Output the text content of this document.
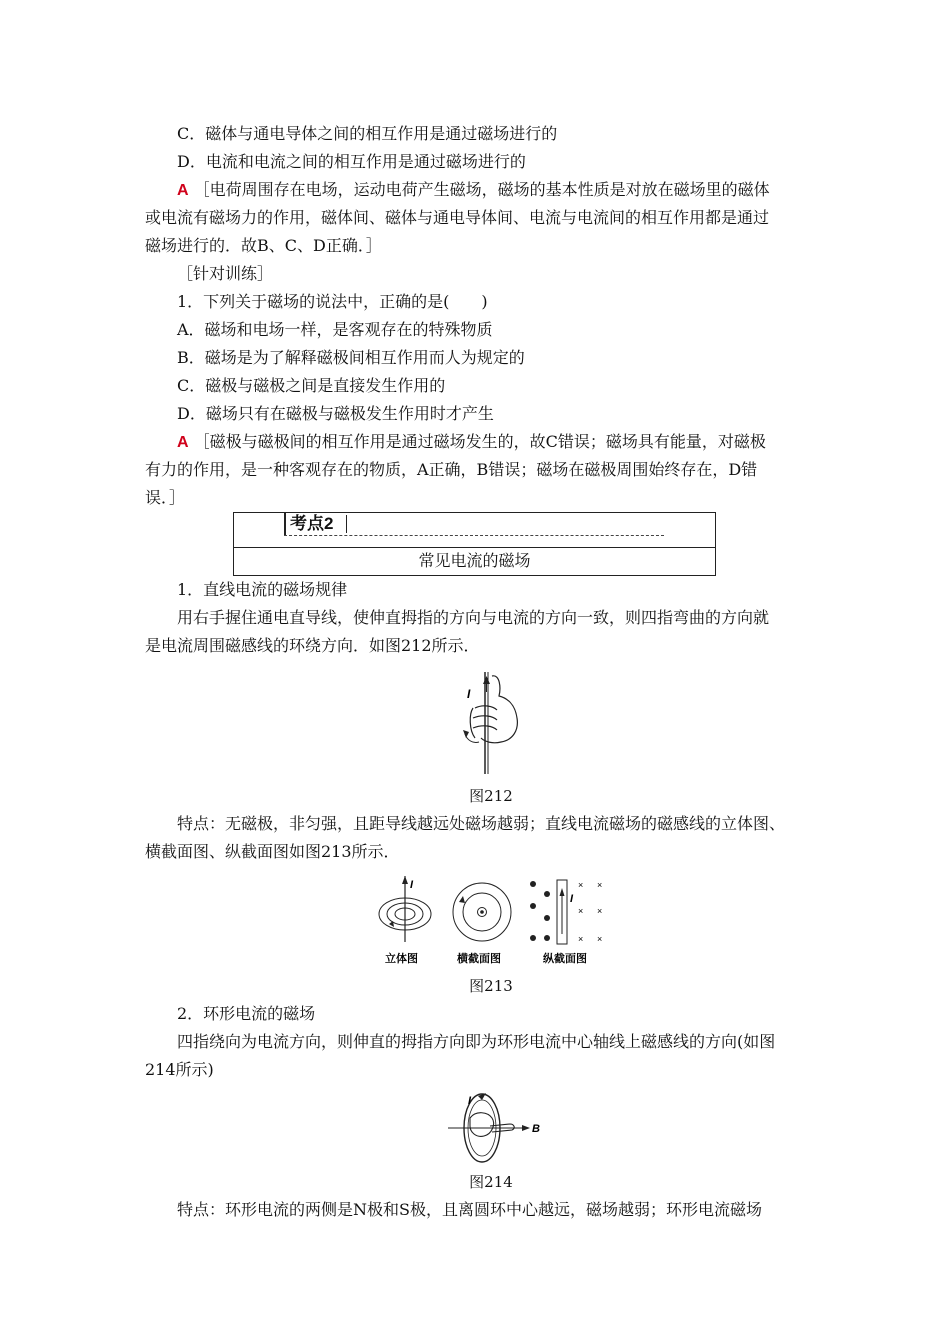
C．磁体与通电导体之间的相互作用是通过磁场进行的
D．电流和电流之间的相互作用是通过磁场进行的
A ［电荷周围存在电场，运动电荷产生磁场，磁场的基本性质是对放在磁场里的磁体
或电流有磁场力的作用，磁体间、磁体与通电导体间、电流与电流间的相互作用都是通过
磁场进行的．故B、C、D正确．］
［针对训练］
1．下列关于磁场的说法中，正确的是(　　)
A．磁场和电场一样，是客观存在的特殊物质
B．磁场是为了解释磁极间相互作用而人为规定的
C．磁极与磁极之间是直接发生作用的
D．磁场只有在磁极与磁极发生作用时才产生
A ［磁极与磁极间的相互作用是通过磁场发生的，故C错误；磁场具有能量，对磁极
有力的作用，是一种客观存在的物质，A正确，B错误；磁场在磁极周围始终存在，D错
误．］
考点2
常见电流的磁场
1．直线电流的磁场规律
用右手握住通电直导线，使伸直拇指的方向与电流的方向一致，则四指弯曲的方向就
是电流周围磁感线的环绕方向．如图212所示．
I
图212
特点：无磁极，非匀强，且距导线越远处磁场越弱；直线电流磁场的磁感线的立体图、
横截面图、纵截面图如图213所示．
I
I
× ×
× ×
× ×
立体图	横截面图	纵截面图
图213
2．环形电流的磁场
四指绕向为电流方向，则伸直的拇指方向即为环形电流中心轴线上磁感线的方向(如图
214所示)
I
B
图214
特点：环形电流的两侧是N极和S极，且离圆环中心越远，磁场越弱；环形电流磁场
